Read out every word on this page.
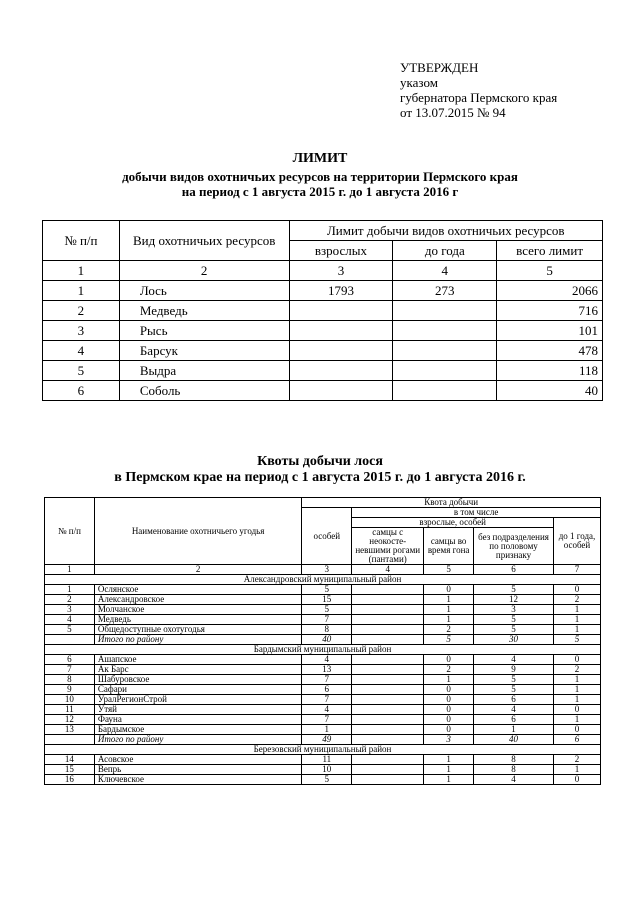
УТВЕРЖДЕН
указом
губернатора Пермского края
от 13.07.2015 № 94
ЛИМИТ
добычи видов охотничьих ресурсов на территории Пермского края
на период с 1 августа 2015 г. до 1 августа 2016 г
№ п/п	Вид охотничьих ресурсов	Лимит добычи видов охотничьих ресурсов		
		взрослых	до года	всего лимит
1	2	3	4	5
1	Лось	1793	273	2066
2	Медведь			716
3	Рысь			101
4	Барсук			478
5	Выдра			118
6	Соболь			40
Квоты добычи лося
в Пермском крае на период с 1 августа 2015 г. до 1 августа 2016 г.
№ п/п	Наименование охотничьего угодья	Квота добычи				
		особей	в том числе			
			взрослые, особей			до 1 года, особей
			самцы с неокосте-невшими рогами (пантами)	самцы во время гона	без подразделения по половому признаку	
1	2	3	4	5	6	7
Александровский муниципальный район						
1	Ослянское	5		0	5	0
2	Александровское	15		1	12	2
3	Молчанское	5		1	3	1
4	Медведь	7		1	5	1
5	Общедоступные охотугодья	8		2	5	1
	Итого по району	40		5	30	5
Бардымский муниципальный район						
6	Ашапское	4		0	4	0
7	Ак Барс	13		2	9	2
8	Шабуровское	7		1	5	1
9	Сафари	6		0	5	1
10	УралРегионСтрой	7		0	6	1
11	Утяй	4		0	4	0
12	Фауна	7		0	6	1
13	Бардымское	1		0	1	0
	Итого по району	49		3	40	6
Березовский муниципальный район						
14	Асовское	11		1	8	2
15	Вепрь	10		1	8	1
16	Ключевское	5		1	4	0
